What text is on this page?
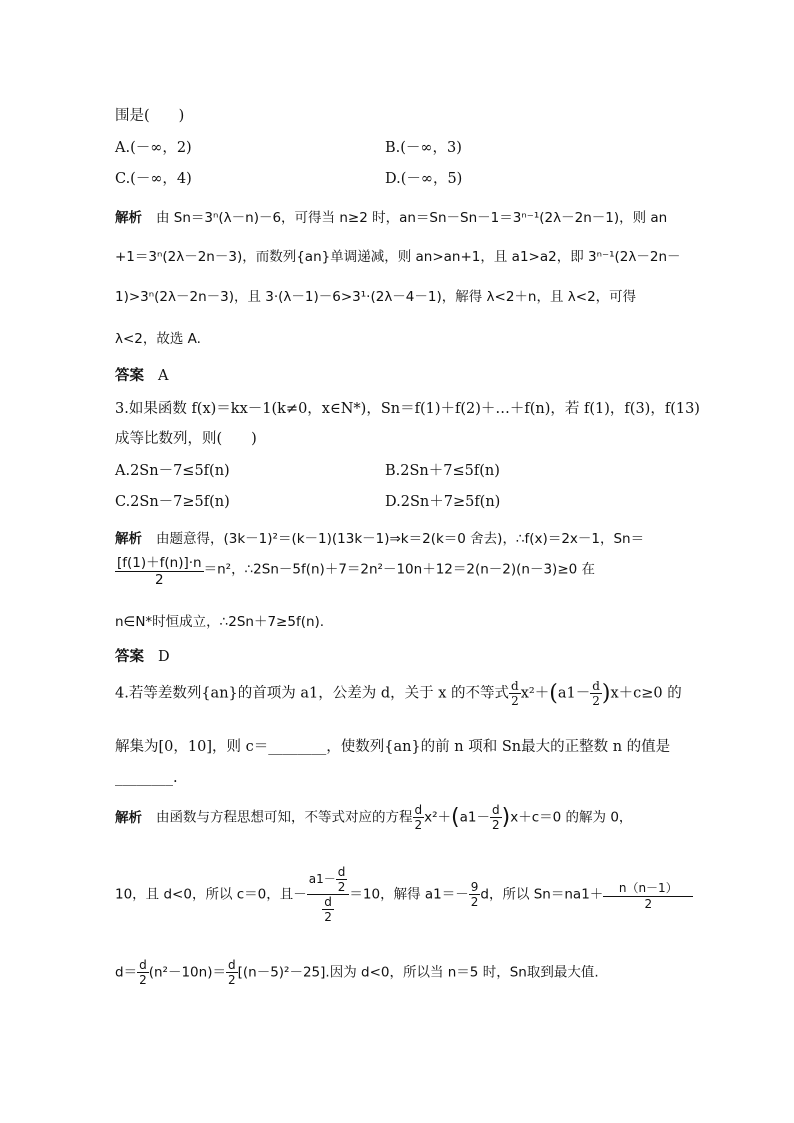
围是(　　)
A.(－∞，2)	B.(－∞，3)
C.(－∞，4)	D.(－∞，5)
解析 由 Sn＝3ⁿ(λ－n)－6，可得当 n≥2 时，an＝Sn－Sn－1＝3ⁿ⁻¹(2λ－2n－1)，则 an
+1＝3ⁿ(2λ－2n－3)，而数列{an}单调递减，则 an>an+1，且 a1>a2，即 3ⁿ⁻¹(2λ－2n－
1)>3ⁿ(2λ－2n－3)，且 3·(λ－1)－6>3¹·(2λ－4－1)，解得 λ<2＋n，且 λ<2，可得
λ<2，故选 A.
答案 A
3.如果函数 f(x)＝kx－1(k≠0，x∈N*)，Sn＝f(1)＋f(2)＋…＋f(n)，若 f(1)，f(3)，f(13)
成等比数列，则(　　)
A.2Sn－7≤5f(n)	B.2Sn＋7≤5f(n)
C.2Sn－7≥5f(n)	D.2Sn＋7≥5f(n)
解析 由题意得，(3k－1)²＝(k－1)(13k－1)⇒k＝2(k＝0 舍去)，∴f(x)＝2x－1，Sn＝
$\frac{[f(1)+f(n)]\cdot n}{2} =n^2$，∴2Sn－5f(n)＋7＝2n²－10n＋12＝2(n－2)(n－3)≥0 在
n∈N*时恒成立，∴2Sn＋7≥5f(n).
答案 D
4.若等差数列{an}的首项为 a1，公差为 d，关于 x 的不等式 $\frac{d}{2} x^2+(a1- \frac{d}{2} )x+c\ge 0$ 的
解集为[0，10]，则 c＝________，使数列{an}的前 n 项和 Sn最大的正整数 n 的值是
________.
解析 由函数与方程思想可知，不等式对应的方程 $\frac{d}{2} x^2+(a1- \frac{d}{2} )x+c=0$ 的解为 0，
10，且 d<0，所以 c＝0，且－ $\frac{a1- \frac{d}{2}}{\frac{d}{2}} =10$，解得 $a1=- \frac{9}{2}$ d，所以 $Sn=na1+ \frac{n(n-1)}{2}$
$d= \frac{d}{2} (n^2-10n)= \frac{d}{2} [(n-5)^2-25]$.因为 d<0，所以当 n＝5 时，Sn取到最大值.
